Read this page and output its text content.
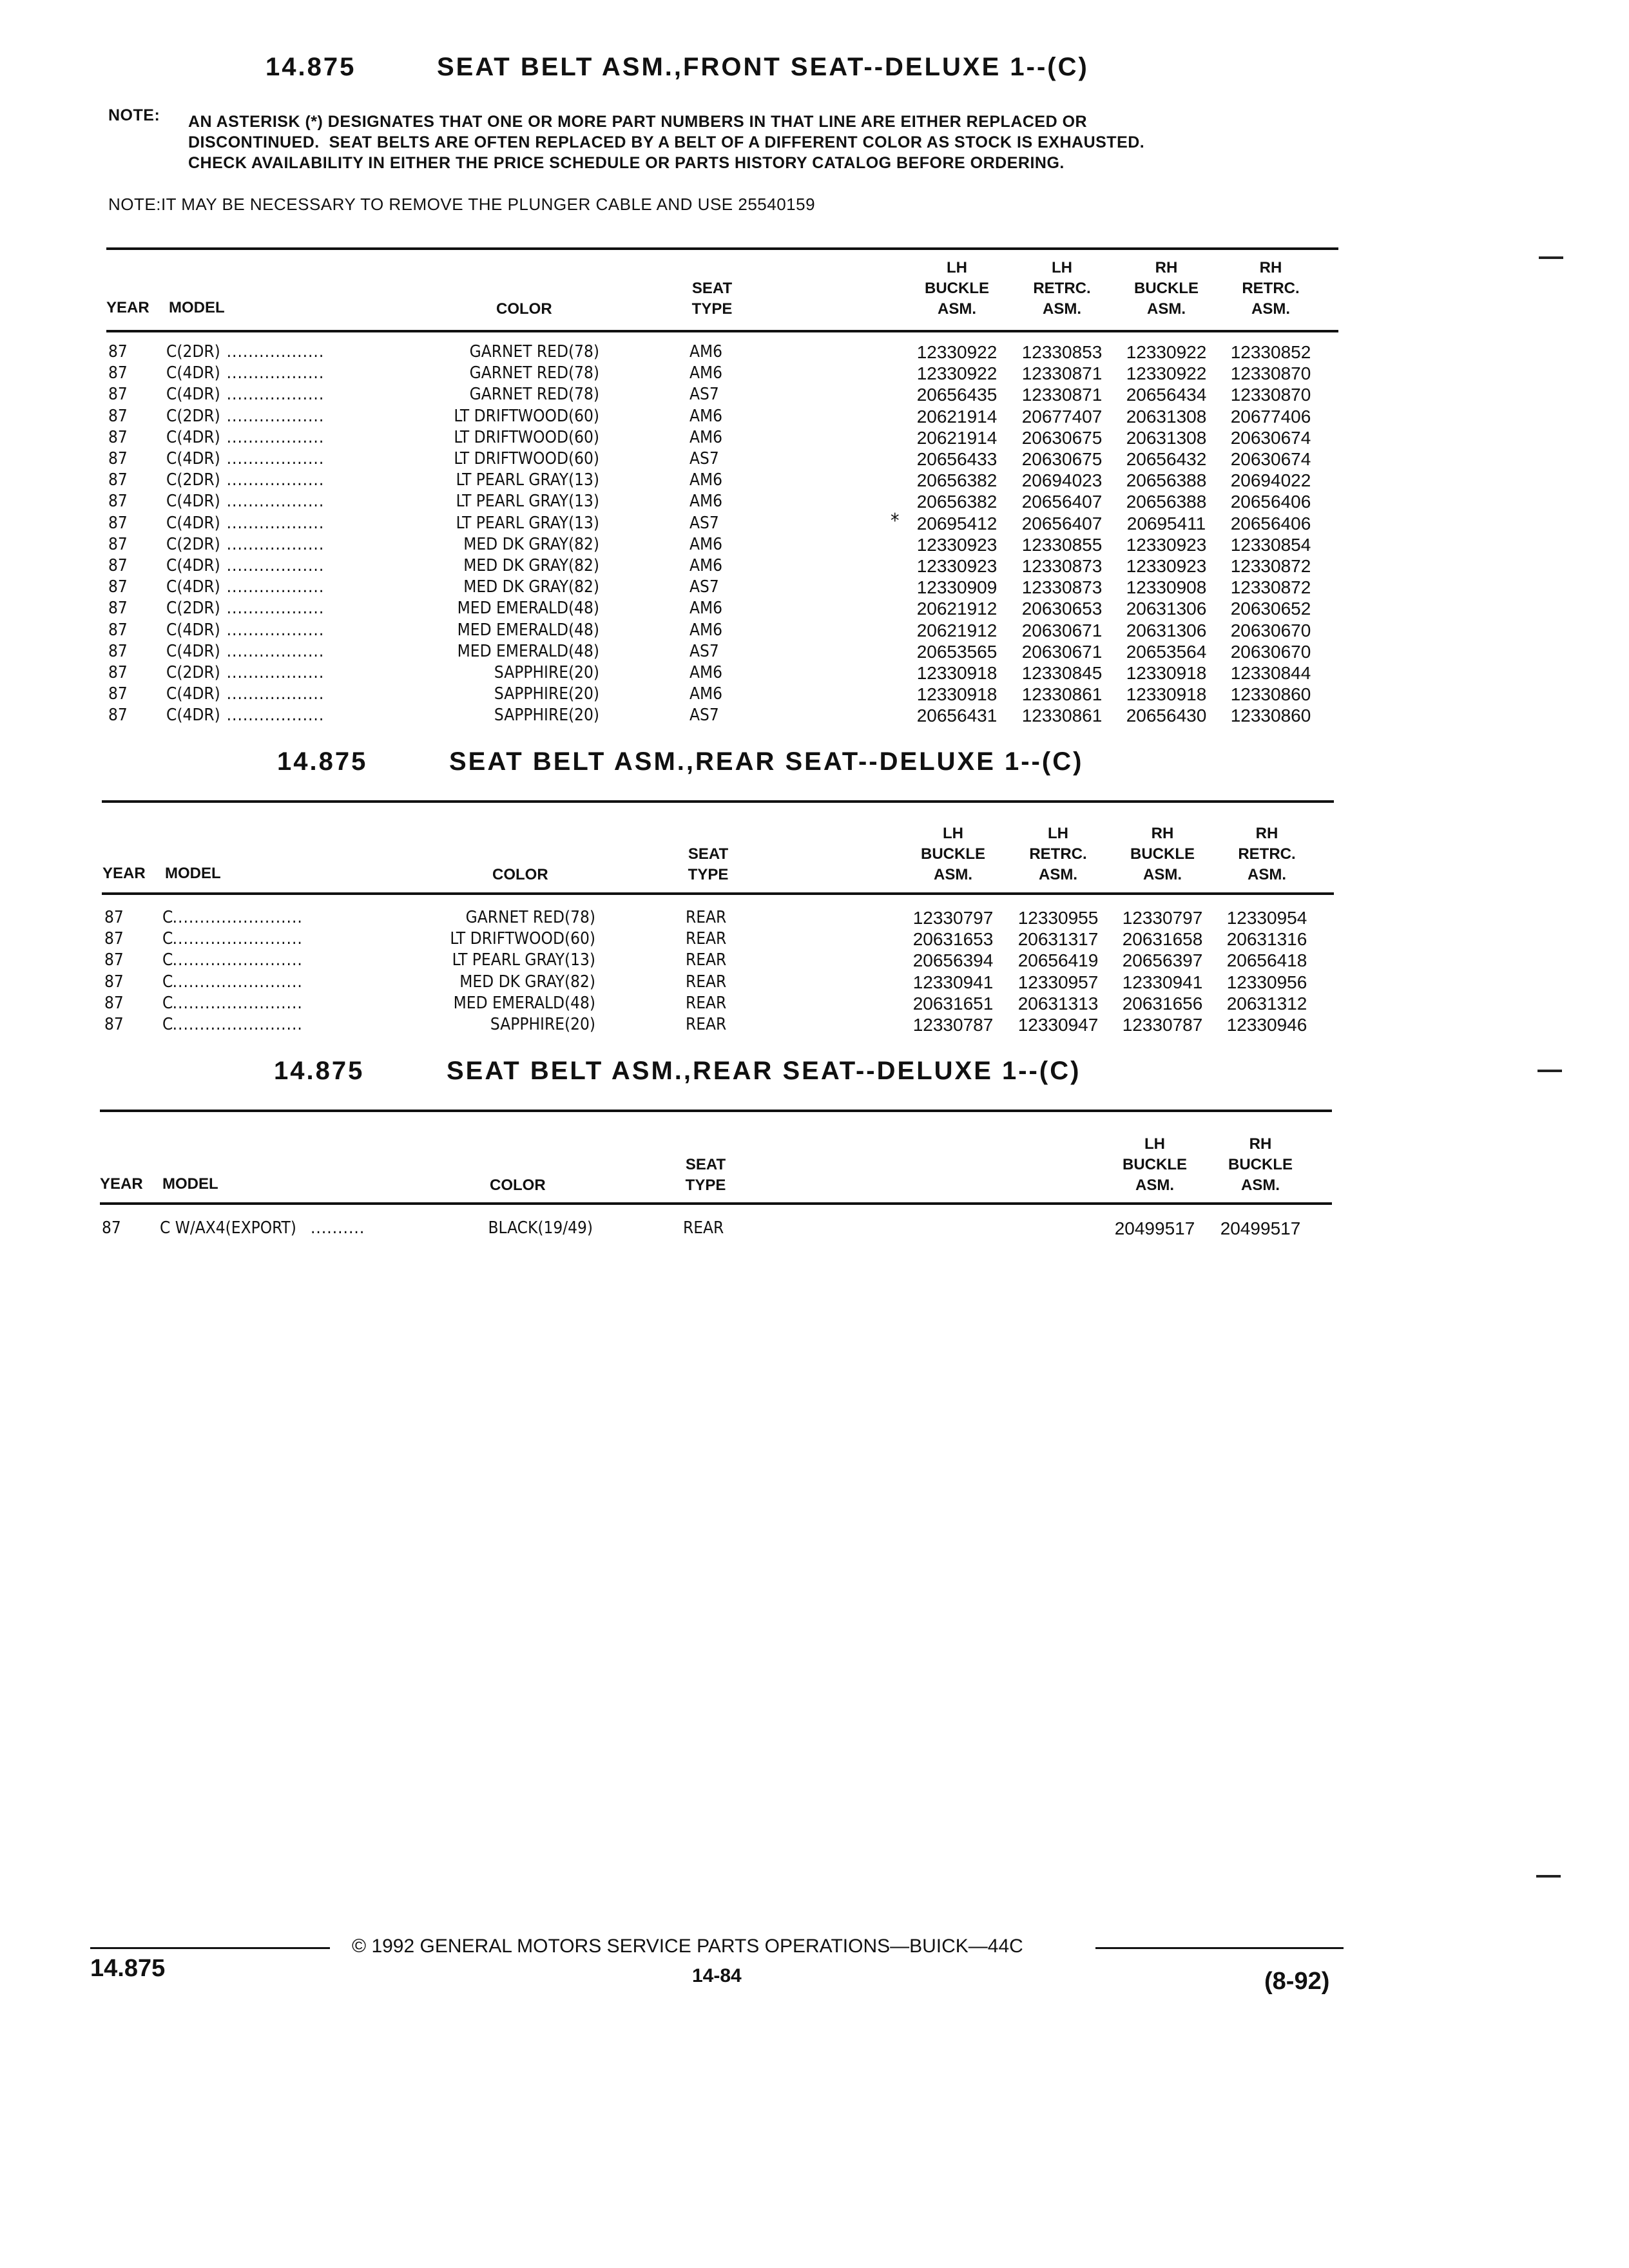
14.875	SEAT BELT ASM.,FRONT SEAT--DELUXE 1--(C)
NOTE: AN ASTERISK (*) DESIGNATES THAT ONE OR MORE PART NUMBERS IN THAT LINE ARE EITHER REPLACED OR
DISCONTINUED.  SEAT BELTS ARE OFTEN REPLACED BY A BELT OF A DIFFERENT COLOR AS STOCK IS EXHAUSTED.
CHECK AVAILABILITY IN EITHER THE PRICE SCHEDULE OR PARTS HISTORY CATALOG BEFORE ORDERING.
NOTE:IT MAY BE NECESSARY TO REMOVE THE PLUNGER CABLE AND USE 25540159
YEAR MODEL	COLOR
SEAT
TYPE
LH
BUCKLE
ASM.
LH
RETRC.
ASM.
RH
BUCKLE
ASM.
RH
RETRC.
ASM.
87 C(2DR) ..................	GARNET RED(78)	AM6	12330922 12330853 12330922 12330852
87 C(4DR) ..................	GARNET RED(78)	AM6	12330922 12330871 12330922 12330870
87 C(4DR) ..................	GARNET RED(78)	AS7	20656435 12330871 20656434 12330870
87 C(2DR) ..................	LT DRIFTWOOD(60)	AM6	20621914 20677407 20631308 20677406
87 C(4DR) ..................	LT DRIFTWOOD(60)	AM6	20621914 20630675 20631308 20630674
87 C(4DR) ..................	LT DRIFTWOOD(60)	AS7	20656433 20630675 20656432 20630674
87 C(2DR) ..................	LT PEARL GRAY(13)	AM6	20656382 20694023 20656388 20694022
87 C(4DR) ..................	LT PEARL GRAY(13)	AM6	20656382 20656407 20656388 20656406
87 C(4DR) ..................	LT PEARL GRAY(13)	AS7	* 20695412 20656407	20695411	20656406
87 C(2DR) ..................	MED DK GRAY(82)	AM6	12330923 12330855 12330923 12330854
87 C(4DR) ..................	MED DK GRAY(82)	AM6	12330923 12330873 12330923 12330872
87 C(4DR) ..................	MED DK GRAY(82)	AS7	12330909 12330873 12330908 12330872
87 C(2DR) ..................	MED EMERALD(48)	AM6	20621912 20630653 20631306 20630652
87 C(4DR) ..................	MED EMERALD(48)	AM6	20621912 20630671 20631306 20630670
87 C(4DR) ..................	MED EMERALD(48)	AS7	20653565 20630671 20653564 20630670
87 C(2DR) ..................	SAPPHIRE(20)	AM6	12330918 12330845 12330918 12330844
87 C(4DR) ..................	SAPPHIRE(20)	AM6	12330918 12330861 12330918 12330860
87 C(4DR) ..................	SAPPHIRE(20)	AS7	20656431 12330861 20656430 12330860
14.875	SEAT BELT ASM.,REAR SEAT--DELUXE 1--(C)
YEAR MODEL	COLOR
SEAT
TYPE
LH
BUCKLE
ASM.
LH
RETRC.
ASM.
RH
BUCKLE
ASM.
RH
RETRC.
ASM.
87 C ........................	GARNET RED(78)	REAR	12330797 12330955 12330797 12330954
87 C ........................	LT DRIFTWOOD(60)	REAR	20631653 20631317 20631658 20631316
87 C ........................	LT PEARL GRAY(13)	REAR	20656394 20656419 20656397 20656418
87 C ........................	MED DK GRAY(82)	REAR	12330941 12330957 12330941 12330956
87 C ........................	MED EMERALD(48)	REAR	20631651 20631313 20631656 20631312
87 C ........................	SAPPHIRE(20)	REAR	12330787 12330947 12330787 12330946
14.875	SEAT BELT ASM.,REAR SEAT--DELUXE 1--(C)
YEAR MODEL	COLOR
SEAT
TYPE
LH
BUCKLE
ASM.
RH
BUCKLE
ASM.
87 C W/AX4(EXPORT) ..........	BLACK(19/49)	REAR	20499517 20499517
© 1992 GENERAL MOTORS SERVICE PARTS OPERATIONS—BUICK—44C
14.875	14-84	(8-92)
